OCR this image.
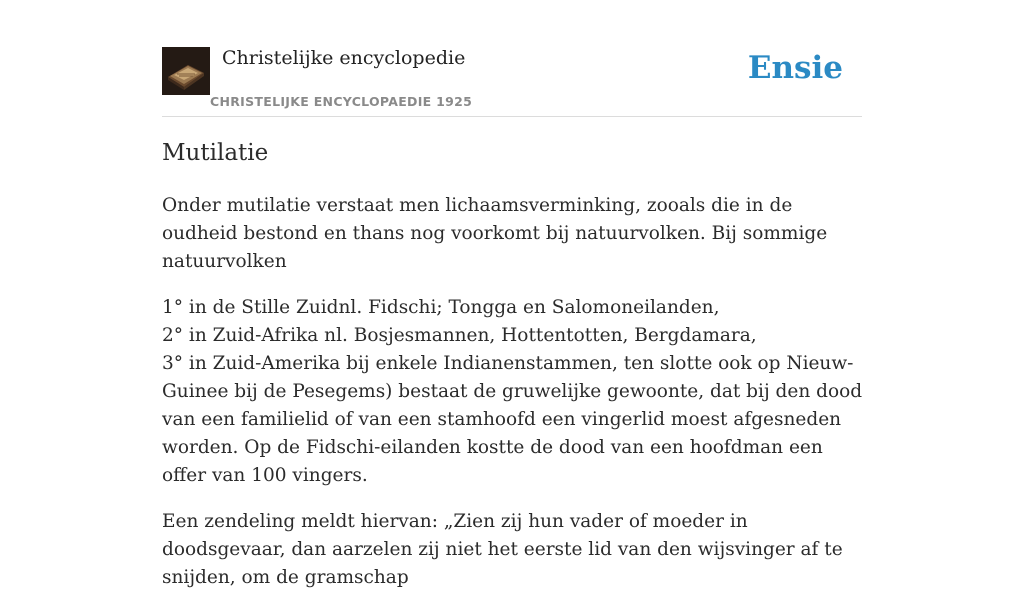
Christelijke encyclopedie
CHRISTELIJKE ENCYCLOPAEDIE 1925
Ensie
Mutilatie

Onder mutilatie verstaat men lichaamsverminking, zooals die in de oudheid bestond en thans nog voorkomt bij natuurvolken. Bij sommige natuurvolken

1° in de Stille Zuidnl. Fidschi; Tongga en Salomoneilanden,
2° in Zuid-Afrika nl. Bosjesmannen, Hottentotten, Bergdamara,
3° in Zuid-Amerika bij enkele Indianenstammen, ten slotte ook op Nieuw-Guinee bij de Pesegems) bestaat de gruwelijke gewoonte, dat bij den dood van een familielid of van een stamhoofd een vingerlid moest afgesneden worden. Op de Fidschi-eilanden kostte de dood van een hoofdman een offer van 100 vingers.

Een zendeling meldt hiervan: „Zien zij hun vader of moeder in doodsgevaar, dan aarzelen zij niet het eerste lid van den wijsvinger af te snijden, om de gramschap
